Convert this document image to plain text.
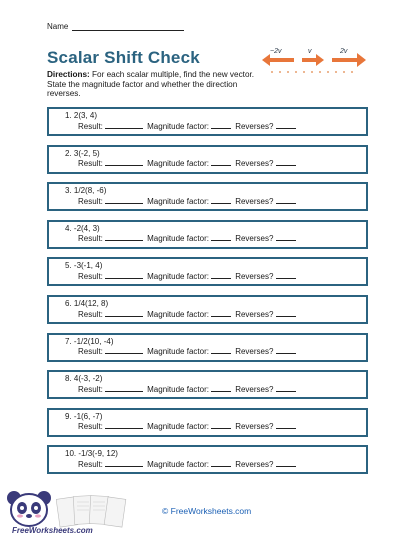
Name
Scalar Shift Check
Directions: For each scalar multiple, find the new vector. State the magnitude factor and whether the direction reverses.
−2v	v	2v
1. 2(3, 4)
Result:	Magnitude factor:	Reverses?
2. 3(-2, 5)
Result:	Magnitude factor:	Reverses?
3. 1/2(8, -6)
Result:	Magnitude factor:	Reverses?
4. -2(4, 3)
Result:	Magnitude factor:	Reverses?
5. -3(-1, 4)
Result:	Magnitude factor:	Reverses?
6. 1/4(12, 8)
Result:	Magnitude factor:	Reverses?
7. -1/2(10, -4)
Result:	Magnitude factor:	Reverses?
8. 4(-3, -2)
Result:	Magnitude factor:	Reverses?
9. -1(6, -7)
Result:	Magnitude factor:	Reverses?
10. -1/3(-9, 12)
Result:	Magnitude factor:	Reverses?
FreeWorksheets.com
© FreeWorksheets.com
